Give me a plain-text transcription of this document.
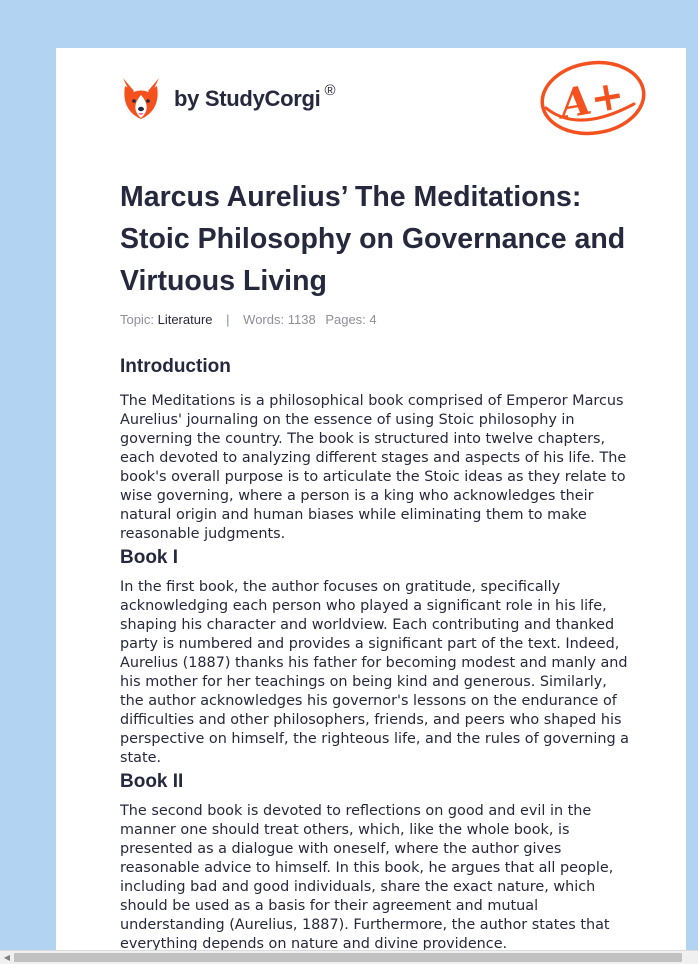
by StudyCorgi ®	A+
Marcus Aurelius’ The Meditations: Stoic Philosophy on Governance and Virtuous Living
Topic: Literature | Words: 1138 Pages: 4
Introduction

The Meditations is a philosophical book comprised of Emperor Marcus Aurelius' journaling on the essence of using Stoic philosophy in governing the country. The book is structured into twelve chapters, each devoted to analyzing different stages and aspects of his life. The book's overall purpose is to articulate the Stoic ideas as they relate to wise governing, where a person is a king who acknowledges their natural origin and human biases while eliminating them to make reasonable judgments.

Book I

In the first book, the author focuses on gratitude, specifically acknowledging each person who played a significant role in his life, shaping his character and worldview. Each contributing and thanked party is numbered and provides a significant part of the text. Indeed, Aurelius (1887) thanks his father for becoming modest and manly and his mother for her teachings on being kind and generous. Similarly, the author acknowledges his governor's lessons on the endurance of difficulties and other philosophers, friends, and peers who shaped his perspective on himself, the righteous life, and the rules of governing a state.

Book II

The second book is devoted to reflections on good and evil in the manner one should treat others, which, like the whole book, is presented as a dialogue with oneself, where the author gives reasonable advice to himself. In this book, he argues that all people, including bad and good individuals, share the exact nature, which should be used as a basis for their agreement and mutual understanding (Aurelius, 1887). Furthermore, the author states that everything depends on nature and divine providence.

◀
